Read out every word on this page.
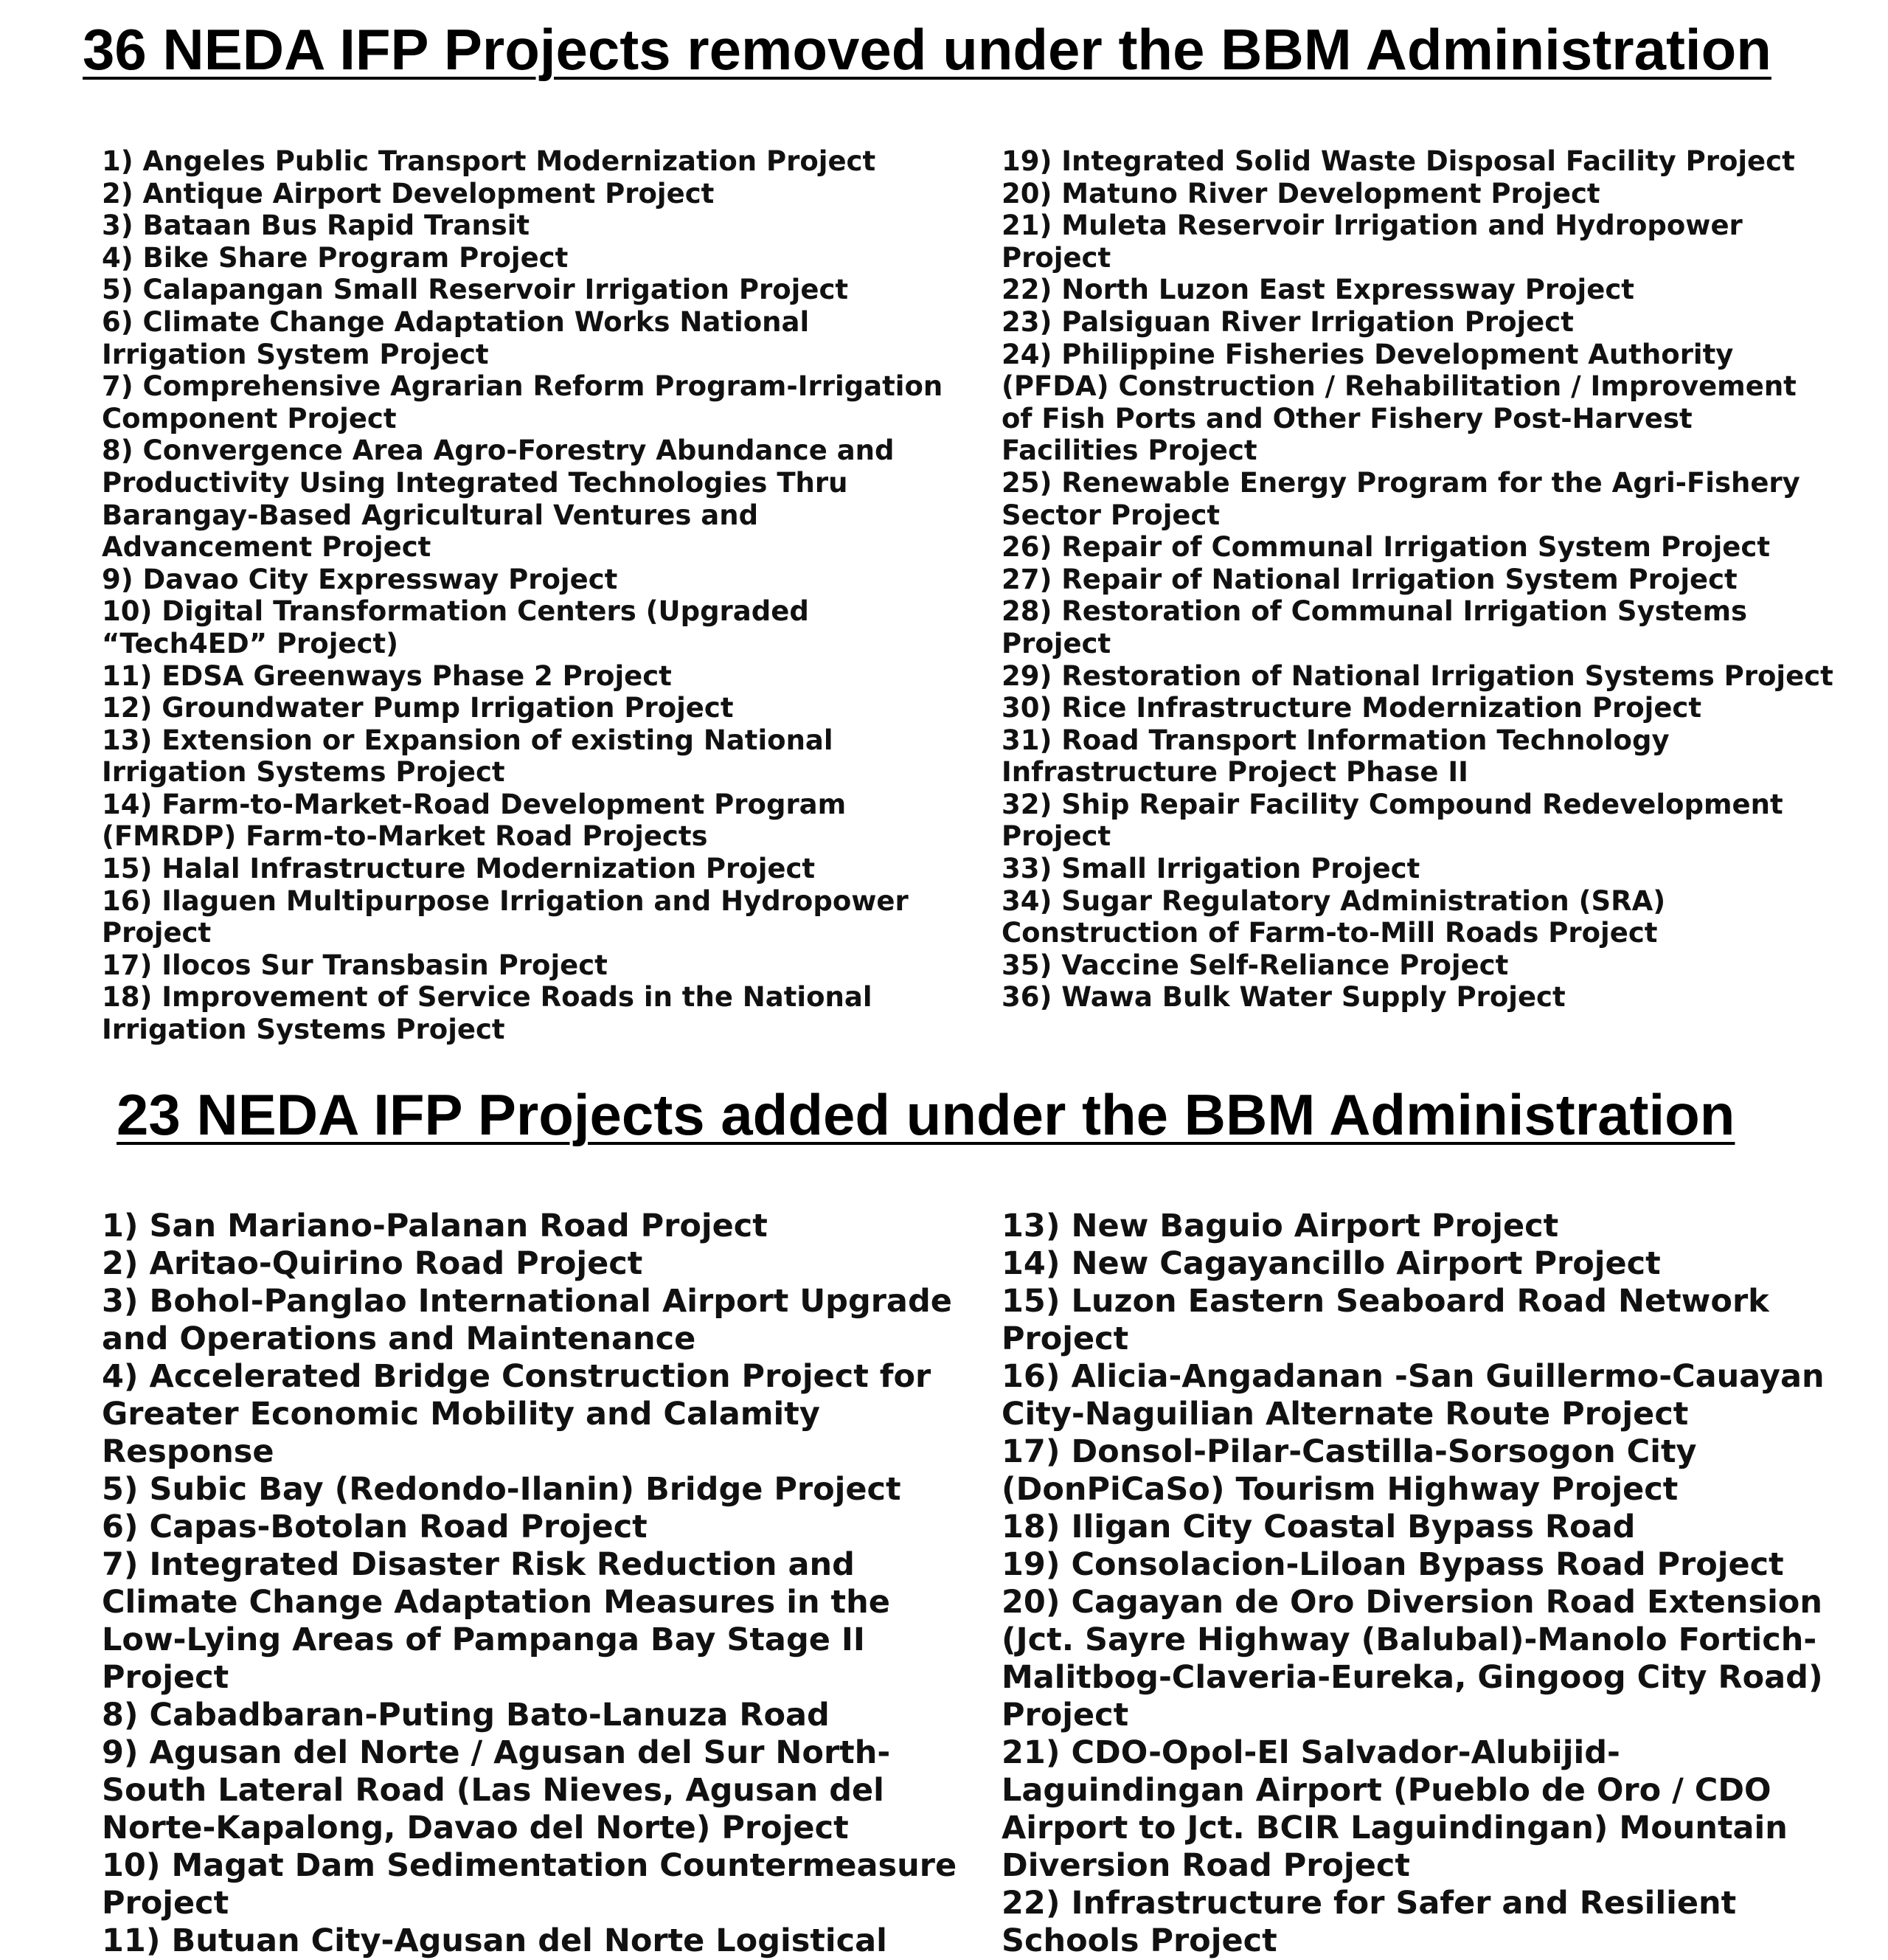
36 NEDA IFP Projects removed under the BBM Administration
1) Angeles Public Transport Modernization Project
2) Antique Airport Development Project
3) Bataan Bus Rapid Transit
4) Bike Share Program Project
5) Calapangan Small Reservoir Irrigation Project
6) Climate Change Adaptation Works National Irrigation System Project
7) Comprehensive Agrarian Reform Program-Irrigation Component Project
8) Convergence Area Agro-Forestry Abundance and Productivity Using Integrated Technologies Thru Barangay-Based Agricultural Ventures and Advancement Project
9) Davao City Expressway Project
10) Digital Transformation Centers (Upgraded “Tech4ED” Project)
11) EDSA Greenways Phase 2 Project
12) Groundwater Pump Irrigation Project
13) Extension or Expansion of existing National Irrigation Systems Project
14) Farm-to-Market-Road Development Program (FMRDP) Farm-to-Market Road Projects
15) Halal Infrastructure Modernization Project
16) Ilaguen Multipurpose Irrigation and Hydropower Project
17) Ilocos Sur Transbasin Project
18) Improvement of Service Roads in the National Irrigation Systems Project
19) Integrated Solid Waste Disposal Facility Project
20) Matuno River Development Project
21) Muleta Reservoir Irrigation and Hydropower Project
22) North Luzon East Expressway Project
23) Palsiguan River Irrigation Project
24) Philippine Fisheries Development Authority (PFDA) Construction / Rehabilitation / Improvement of Fish Ports and Other Fishery Post-Harvest Facilities Project
25) Renewable Energy Program for the Agri-Fishery Sector Project
26) Repair of Communal Irrigation System Project
27) Repair of National Irrigation System Project
28) Restoration of Communal Irrigation Systems Project
29) Restoration of National Irrigation Systems Project
30) Rice Infrastructure Modernization Project
31) Road Transport Information Technology Infrastructure Project Phase II
32) Ship Repair Facility Compound Redevelopment Project
33) Small Irrigation Project
34) Sugar Regulatory Administration (SRA) Construction of Farm-to-Mill Roads Project
35) Vaccine Self-Reliance Project
36) Wawa Bulk Water Supply Project
23 NEDA IFP Projects added under the BBM Administration
1) San Mariano-Palanan Road Project
2) Aritao-Quirino Road Project
3) Bohol-Panglao International Airport Upgrade and Operations and Maintenance
4) Accelerated Bridge Construction Project for Greater Economic Mobility and Calamity Response
5) Subic Bay (Redondo-Ilanin) Bridge Project
6) Capas-Botolan Road Project
7) Integrated Disaster Risk Reduction and Climate Change Adaptation Measures in the Low-Lying Areas of Pampanga Bay Stage II Project
8) Cabadbaran-Puting Bato-Lanuza Road
9) Agusan del Norte / Agusan del Sur North-South Lateral Road (Las Nieves, Agusan del Norte-Kapalong, Davao del Norte) Project
10) Magat Dam Sedimentation Countermeasure Project
11) Butuan City-Agusan del Norte Logistical
13) New Baguio Airport Project
14) New Cagayancillo Airport Project
15) Luzon Eastern Seaboard Road Network Project
16) Alicia-Angadanan -San Guillermo-Cauayan City-Naguilian Alternate Route Project
17) Donsol-Pilar-Castilla-Sorsogon City (DonPiCaSo) Tourism Highway Project
18) Iligan City Coastal Bypass Road
19) Consolacion-Liloan Bypass Road Project
20) Cagayan de Oro Diversion Road Extension (Jct. Sayre Highway (Balubal)-Manolo Fortich-Malitbog-Claveria-Eureka, Gingoog City Road) Project
21) CDO-Opol-El Salvador-Alubijid-Laguindingan Airport (Pueblo de Oro / CDO Airport to Jct. BCIR Laguindingan) Mountain Diversion Road Project
22) Infrastructure for Safer and Resilient Schools Project
